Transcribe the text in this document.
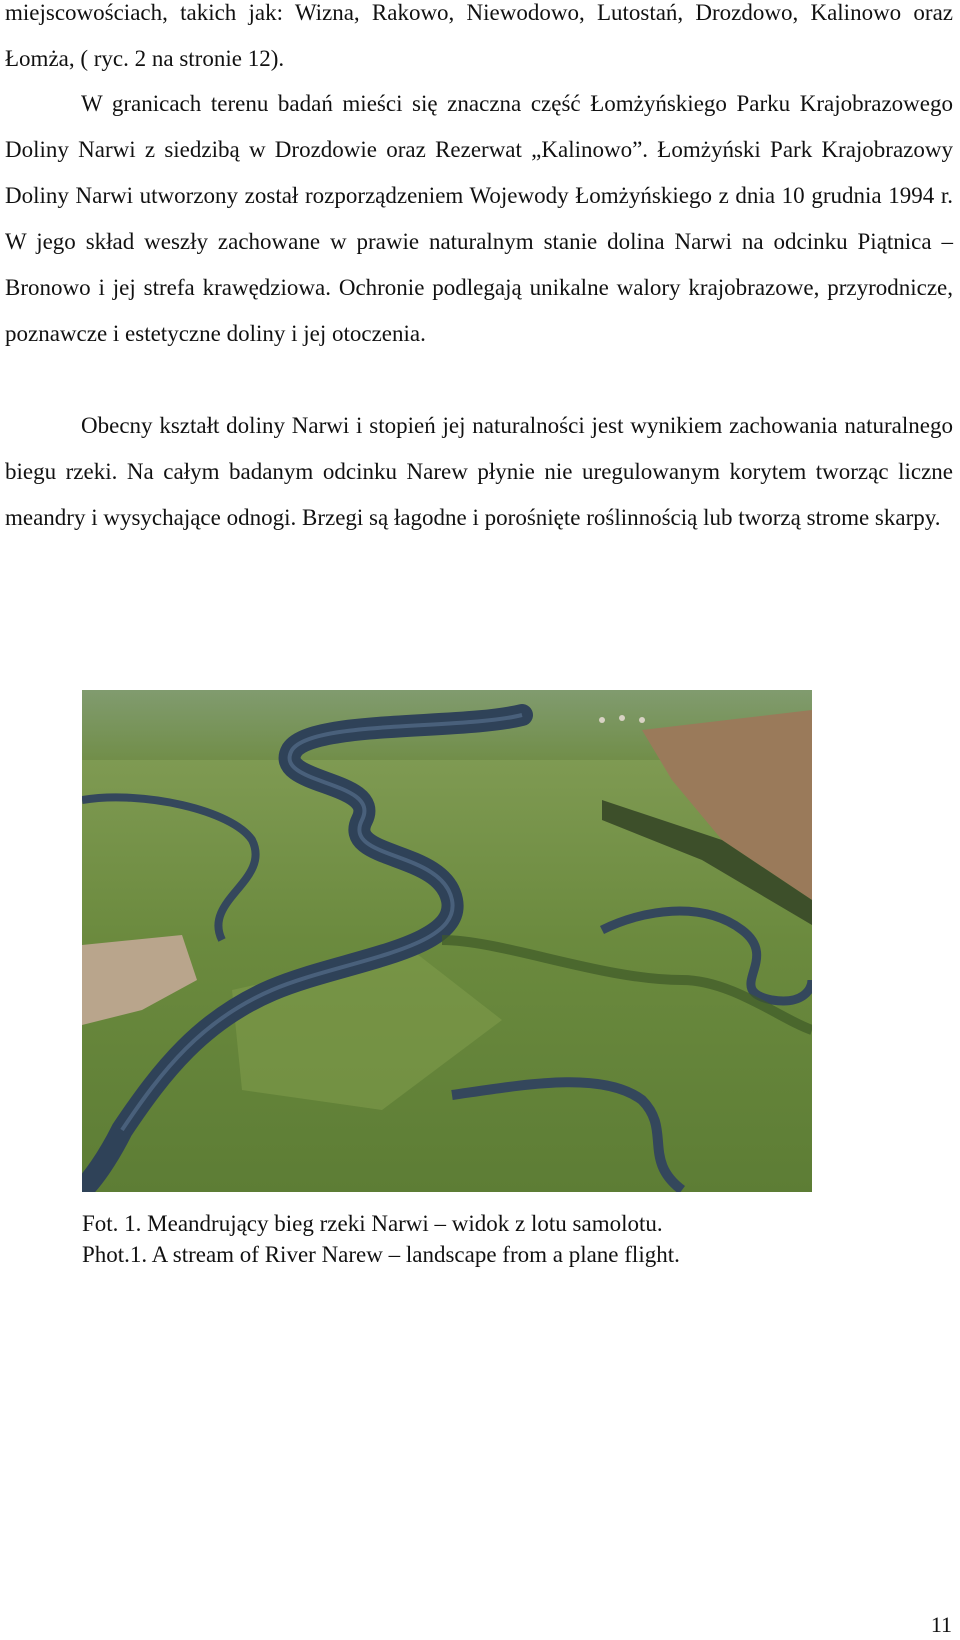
miejscowościach, takich jak: Wizna, Rakowo, Niewodowo, Lutostań, Drozdowo, Kalinowo oraz Łomża, ( ryc. 2 na stronie 12).

W granicach terenu badań mieści się znaczna część Łomżyńskiego Parku Krajobrazowego Doliny Narwi z siedzibą w Drozdowie oraz Rezerwat „Kalinowo”. Łomżyński Park Krajobrazowy Doliny Narwi utworzony został rozporządzeniem Wojewody Łomżyńskiego z dnia 10 grudnia 1994 r. W jego skład weszły zachowane w prawie naturalnym stanie dolina Narwi na odcinku Piątnica – Bronowo i jej strefa krawędziowa. Ochronie podlegają unikalne walory krajobrazowe, przyrodnicze, poznawcze i estetyczne doliny i jej otoczenia.

Obecny kształt doliny Narwi i stopień jej naturalności jest wynikiem zachowania naturalnego biegu rzeki. Na całym badanym odcinku Narew płynie nie uregulowanym korytem tworząc liczne meandry i wysychające odnogi. Brzegi są łagodne i porośnięte roślinnością lub tworzą strome skarpy.

Fot. 1. Meandrujący bieg rzeki Narwi – widok z lotu samolotu.

Phot.1. A stream of River Narew – landscape from a plane flight.

11
